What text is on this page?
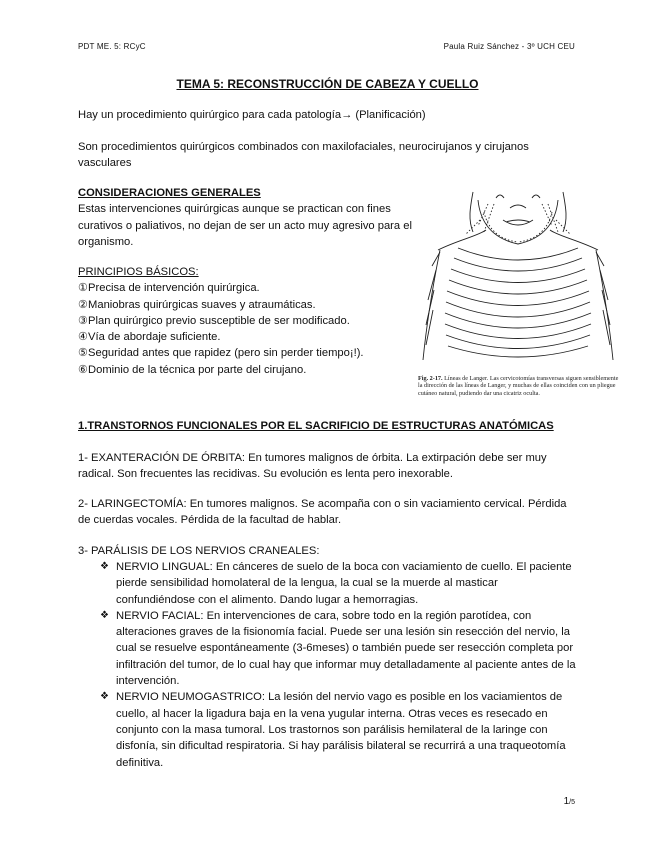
PDT ME. 5: RCyC	Paula Ruiz Sánchez - 3º UCH CEU
TEMA 5: RECONSTRUCCIÓN DE CABEZA Y CUELLO
Hay un procedimiento quirúrgico para cada patología→ (Planificación)
Son procedimientos quirúrgicos combinados con maxilofaciales, neurocirujanos y cirujanos vasculares
CONSIDERACIONES GENERALES
Estas intervenciones quirúrgicas aunque se practican con fines curativos o paliativos, no dejan de ser un acto muy agresivo para el organismo.
PRINCIPIOS BÁSICOS:
①Precisa de intervención quirúrgica.
②Maniobras quirúrgicas suaves y atraumáticas.
③Plan quirúrgico previo susceptible de ser modificado.
④Vía de abordaje suficiente.
⑤Seguridad antes que rapidez (pero sin perder tiempo¡!).
⑥Dominio de la técnica por parte del cirujano.
Fig. 2-17. Líneas de Langer. Las cervicotomías transversas siguen sensiblemente la dirección de las líneas de Langer, y muchas de ellas coinciden con un pliegue cutáneo natural, pudiendo dar una cicatriz oculta.
1.TRANSTORNOS FUNCIONALES POR EL SACRIFICIO DE ESTRUCTURAS ANATÓMICAS
1- EXANTERACIÓN DE ÓRBITA: En tumores malignos de órbita. La extirpación debe ser muy radical. Son frecuentes las recidivas. Su evolución es lenta pero inexorable.
2- LARINGECTOMÍA: En tumores malignos. Se acompaña con o sin vaciamiento cervical. Pérdida de cuerdas vocales. Pérdida de la facultad de hablar.
3- PARÁLISIS DE LOS NERVIOS CRANEALES:
❖ NERVIO LINGUAL: En cánceres de suelo de la boca con vaciamiento de cuello. El paciente pierde sensibilidad homolateral de la lengua, la cual se la muerde al masticar confundiéndose con el alimento. Dando lugar a hemorragias.
❖ NERVIO FACIAL: En intervenciones de cara, sobre todo en la región parotídea, con alteraciones graves de la fisionomía facial. Puede ser una lesión sin resección del nervio, la cual se resuelve espontáneamente (3-6meses) o también puede ser resección completa por infiltración del tumor, de lo cual hay que informar muy detalladamente al paciente antes de la intervención.
❖ NERVIO NEUMOGASTRICO: La lesión del nervio vago es posible en los vaciamientos de cuello, al hacer la ligadura baja en la vena yugular interna. Otras veces es resecado en conjunto con la masa tumoral. Los trastornos son parálisis hemilateral de la laringe con disfonía, sin dificultad respiratoria. Si hay parálisis bilateral se recurrirá a una traqueotomía definitiva.
1/5
